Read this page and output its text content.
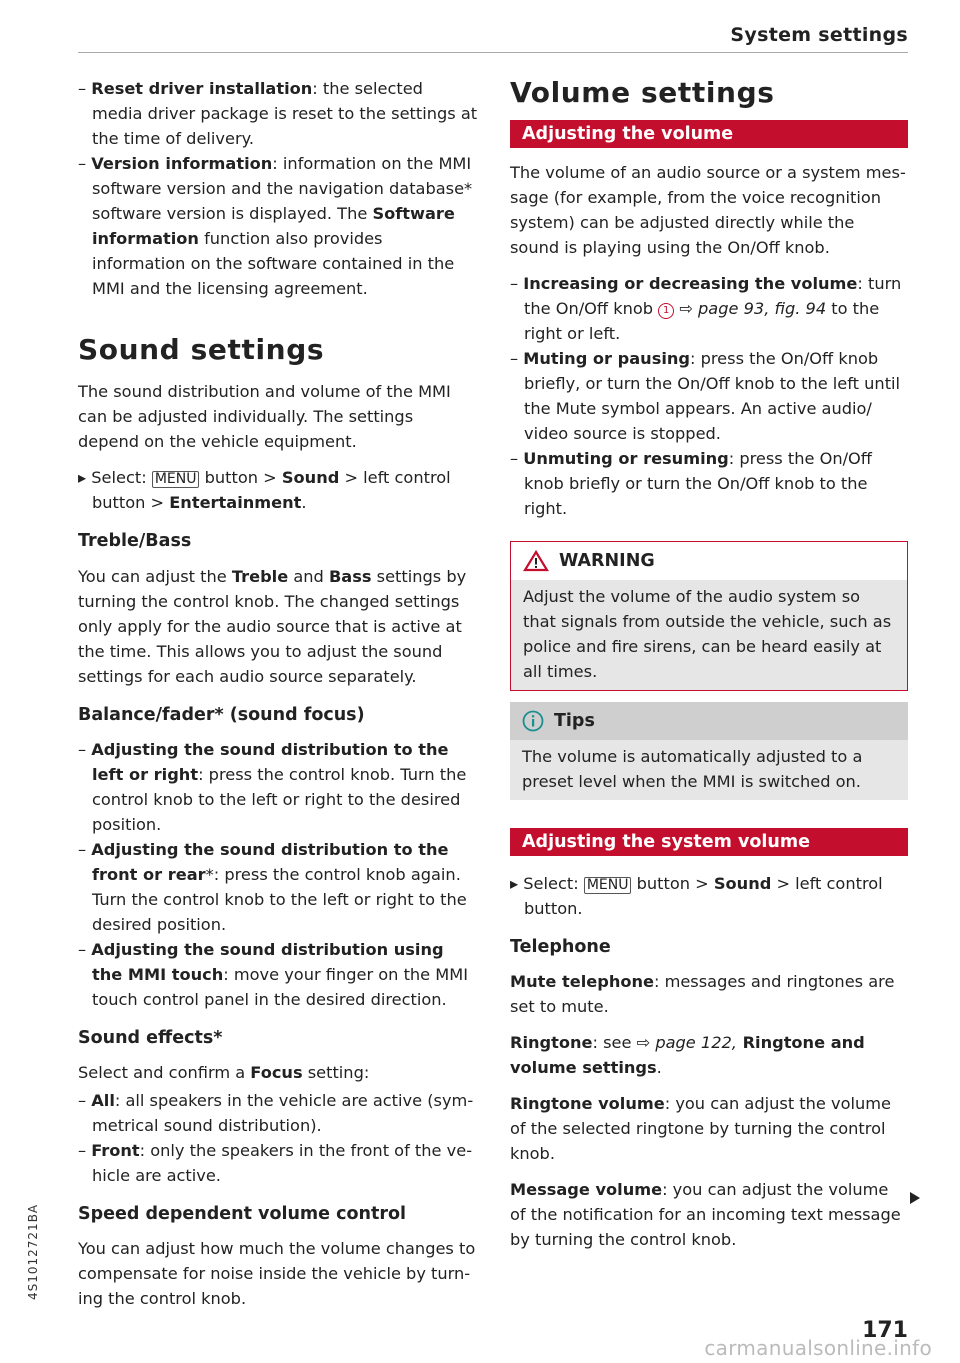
System settings

– Reset driver installation: the selected media driver package is reset to the settings at the time of delivery.

– Version information: information on the MMI software version and the navigation database* software version is displayed. The Software information function also provides information on the software contained in the MMI and the licensing agreement.

Sound settings

The sound distribution and volume of the MMI can be adjusted individually. The settings depend on the vehicle equipment.

▸ Select: MENU button > Sound > left control button > Entertainment.

Treble/Bass

You can adjust the Treble and Bass settings by turning the control knob. The changed settings only apply for the audio source that is active at the time. This allows you to adjust the sound settings for each audio source separately.

Balance/fader* (sound focus)

– Adjusting the sound distribution to the left or right: press the control knob. Turn the control knob to the left or right to the desired position.

– Adjusting the sound distribution to the front or rear*: press the control knob again. Turn the control knob to the left or right to the desired position.

– Adjusting the sound distribution using the MMI touch: move your finger on the MMI touch control panel in the desired direction.

Sound effects*

Select and confirm a Focus setting:

– All: all speakers in the vehicle are active (symmetrical sound distribution).

– Front: only the speakers in the front of the vehicle are active.

Speed dependent volume control

You can adjust how much the volume changes to compensate for noise inside the vehicle by turning the control knob.

Volume settings
Adjusting the volume

The volume of an audio source or a system message (for example, from the voice recognition system) can be adjusted directly while the sound is playing using the On/Off knob.

– Increasing or decreasing the volume: turn the On/Off knob 1 ⇨ page 93, fig. 94 to the right or left.

– Muting or pausing: press the On/Off knob briefly, or turn the On/Off knob to the left until the Mute symbol appears. An active audio/ video source is stopped.

– Unmuting or resuming: press the On/Off knob briefly or turn the On/Off knob to the right.

WARNING
Adjust the volume of the audio system so that signals from outside the vehicle, such as police and fire sirens, can be heard easily at all times.
Tips
The volume is automatically adjusted to a preset level when the MMI is switched on.
Adjusting the system volume

▸ Select: MENU button > Sound > left control button.

Telephone

Mute telephone: messages and ringtones are set to mute.

Ringtone: see ⇨ page 122, Ringtone and volume settings.

Ringtone volume: you can adjust the volume of the selected ringtone by turning the control knob.

Message volume: you can adjust the volume of the notification for an incoming text message by turning the control knob.

4S1012721BA
171
carmanualsonline.info
